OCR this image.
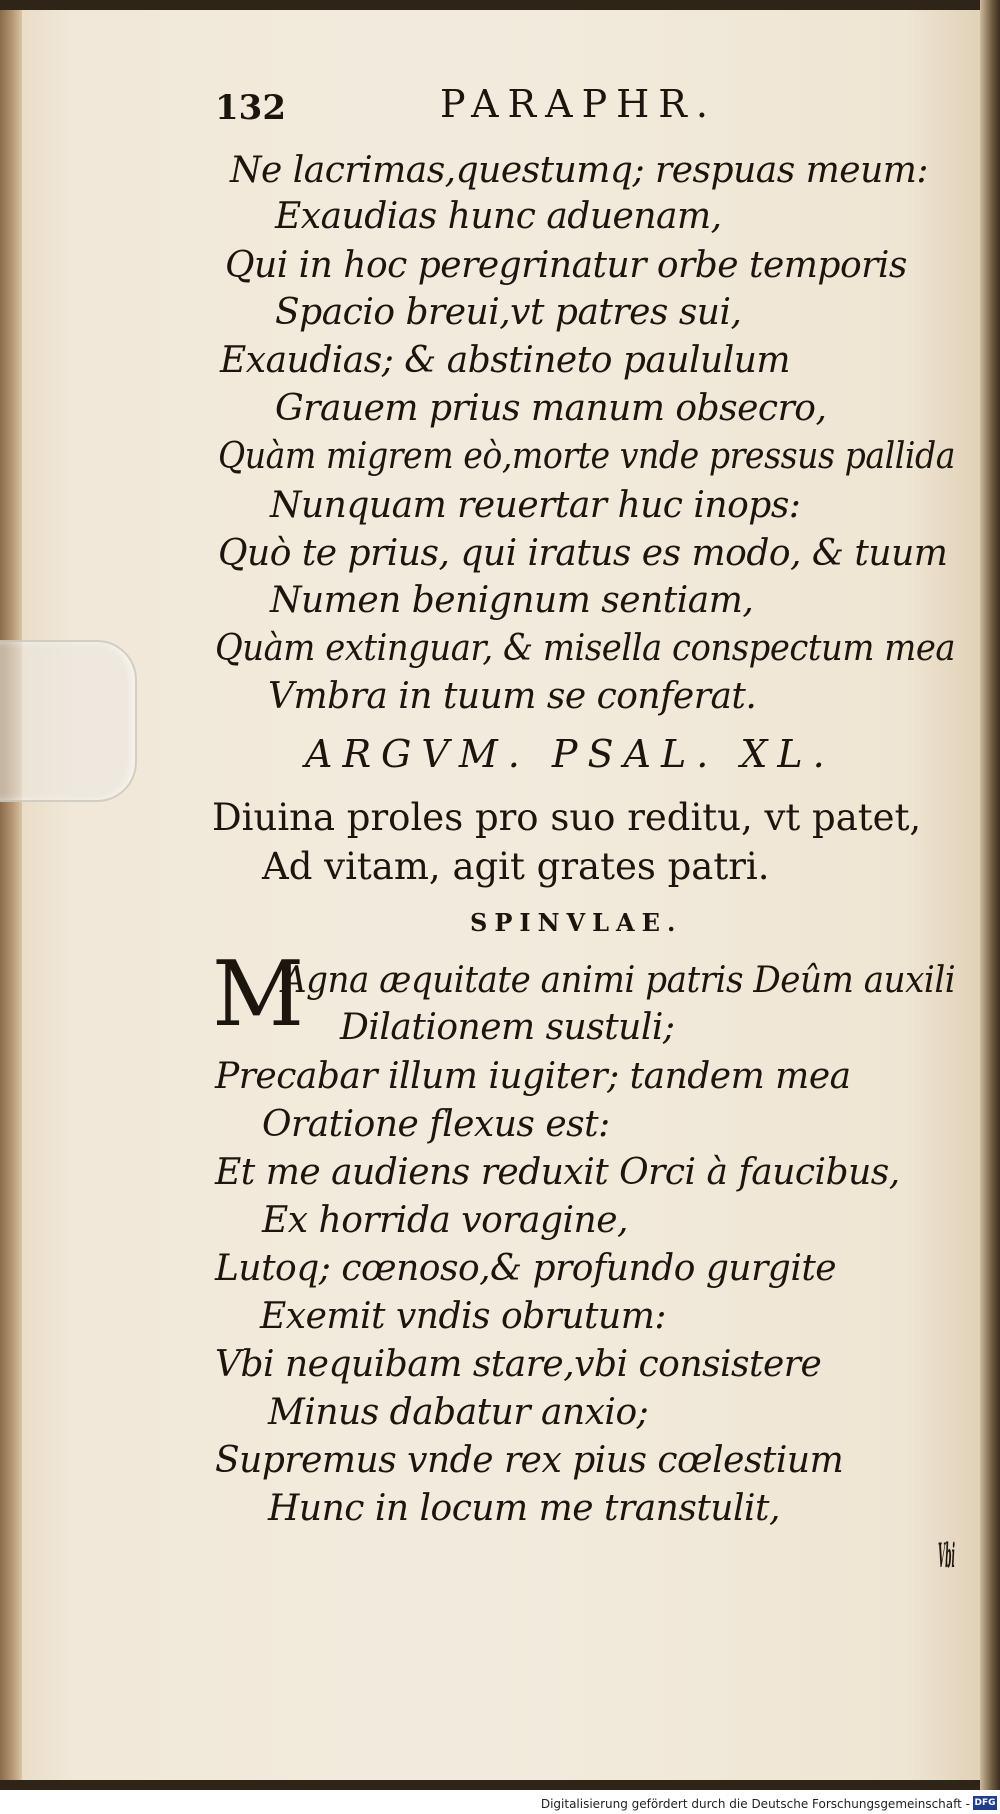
132	PARAPHR.
Ne lacrimas,questumq; respuas meum:
Exaudias hunc aduenam,
Qui in hoc peregrinatur orbe temporis
Spacio breui,vt patres sui,
Exaudias; & abstineto paululum
Grauem prius manum obsecro,
Quàm migrem eò,morte vnde pressus pallida
Nunquam reuertar huc inops:
Quò te prius, qui iratus es modo, & tuum
Numen benignum sentiam,
Quàm extinguar, & misella conspectum mea
Vmbra in tuum se conferat.
ARGVM. PSAL. XL.
Diuina proles pro suo reditu, vt patet,
Ad vitam, agit grates patri.
SPINVLAE.
M
Agna æquitate animi patris Deûm auxili
Dilationem sustuli;
Precabar illum iugiter; tandem mea
Oratione flexus est:
Et me audiens reduxit Orci à faucibus,
Ex horrida voragine,
Lutoq; cœnoso,& profundo gurgite
Exemit vndis obrutum:
Vbi nequibam stare,vbi consistere
Minus dabatur anxio;
Supremus vnde rex pius cœlestium
Hunc in locum me transtulit,
Vbi
Digitalisierung gefördert durch die Deutsche Forschungsgemeinschaft - DFG
